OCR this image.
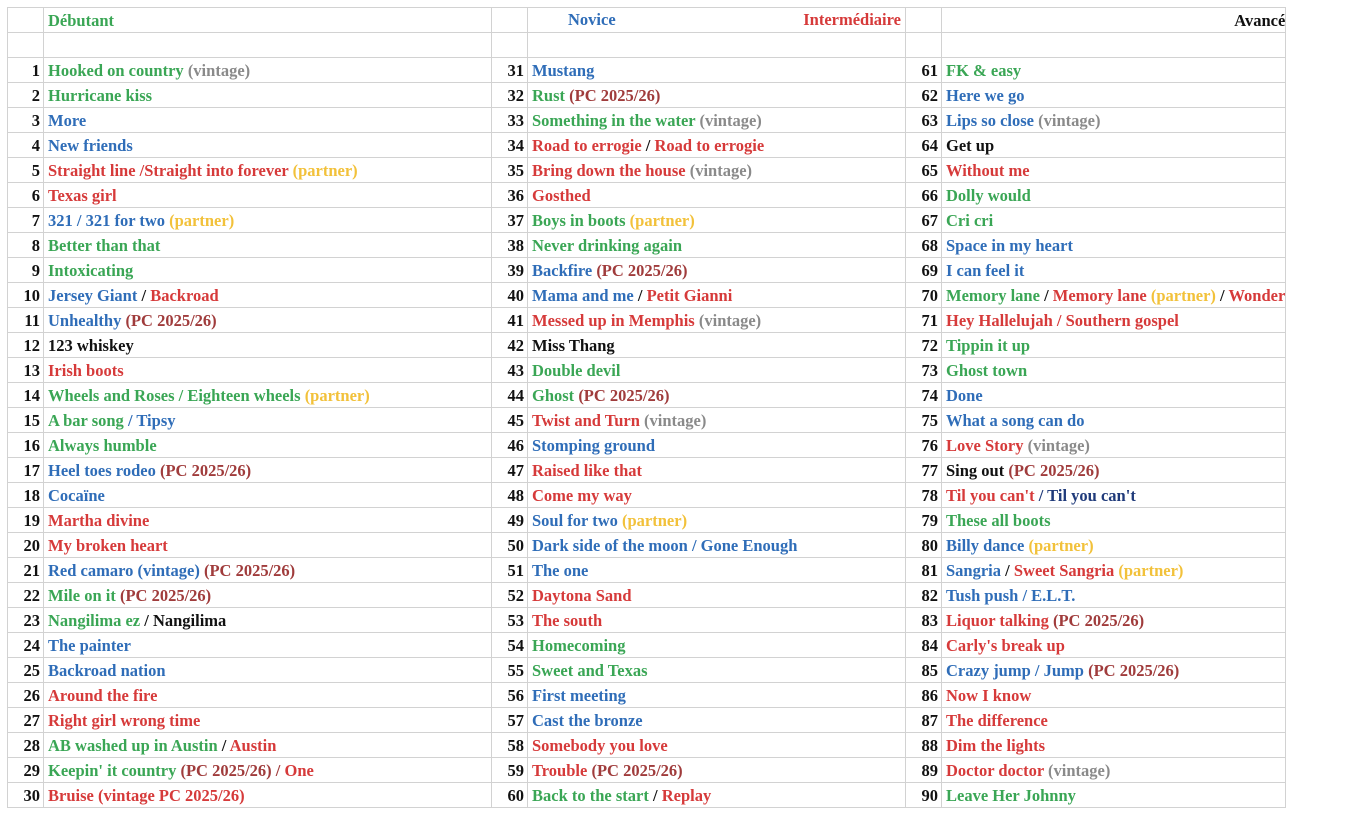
	Débutant		Novice Intermédiaire		Avancé

1	Hooked on country (vintage)	31	Mustang	61	FK & easy
2	Hurricane kiss	32	Rust (PC 2025/26)	62	Here we go
3	More	33	Something in the water (vintage)	63	Lips so close (vintage)
4	New friends	34	Road to errogie / Road to errogie	64	Get up
5	Straight line /Straight into forever (partner)	35	Bring down the house (vintage)	65	Without me
6	Texas girl	36	Gosthed	66	Dolly would
7	321 / 321 for two (partner)	37	Boys in boots (partner)	67	Cri cri
8	Better than that	38	Never drinking again	68	Space in my heart
9	Intoxicating	39	Backfire (PC 2025/26)	69	I can feel it
10	Jersey Giant / Backroad	40	Mama and me / Petit Gianni	70	Memory lane / Memory lane (partner) / Wonder
11	Unhealthy (PC 2025/26)	41	Messed up in Memphis (vintage)	71	Hey Hallelujah / Southern gospel
12	123 whiskey	42	Miss Thang	72	Tippin it up
13	Irish boots	43	Double devil	73	Ghost town
14	Wheels and Roses / Eighteen wheels (partner)	44	Ghost (PC 2025/26)	74	Done
15	A bar song / Tipsy	45	Twist and Turn (vintage)	75	What a song can do
16	Always humble	46	Stomping ground	76	Love Story (vintage)
17	Heel toes rodeo (PC 2025/26)	47	Raised like that	77	Sing out (PC 2025/26)
18	Cocaïne	48	Come my way	78	Til you can't / Til you can't
19	Martha divine	49	Soul for two (partner)	79	These all boots
20	My broken heart	50	Dark side of the moon / Gone Enough	80	Billy dance (partner)
21	Red camaro (vintage) (PC 2025/26)	51	The one	81	Sangria / Sweet Sangria (partner)
22	Mile on it (PC 2025/26)	52	Daytona Sand	82	Tush push / E.L.T.
23	Nangilima ez / Nangilima	53	The south	83	Liquor talking (PC 2025/26)
24	The painter	54	Homecoming	84	Carly's break up
25	Backroad nation	55	Sweet and Texas	85	Crazy jump / Jump (PC 2025/26)
26	Around the fire	56	First meeting	86	Now I know
27	Right girl wrong time	57	Cast the bronze	87	The difference
28	AB washed up in Austin / Austin	58	Somebody you love	88	Dim the lights
29	Keepin' it country (PC 2025/26) / One	59	Trouble (PC 2025/26)	89	Doctor doctor (vintage)
30	Bruise (vintage PC 2025/26)	60	Back to the start / Replay	90	Leave Her Johnny
